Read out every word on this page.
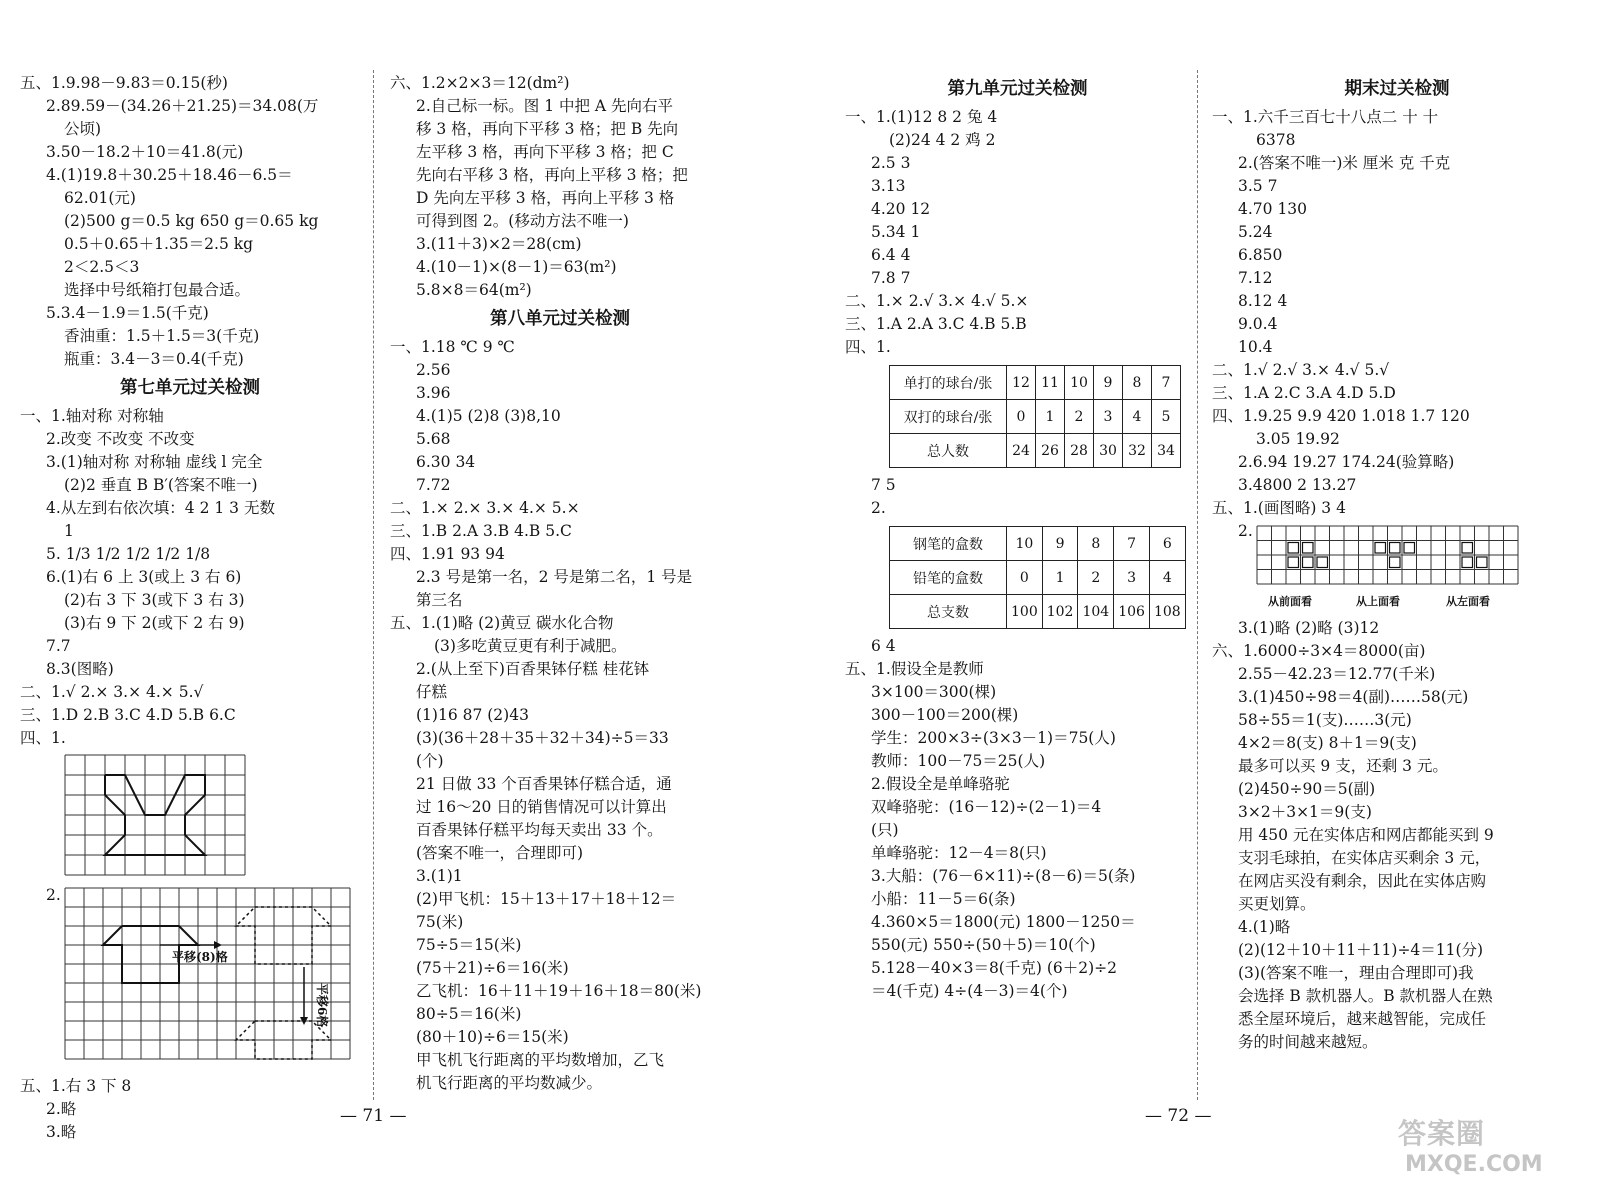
五、1.9.98－9.83＝0.15(秒)
2.89.59－(34.26＋21.25)＝34.08(万
公顷)
3.50－18.2＋10＝41.8(元)
4.(1)19.8＋30.25＋18.46－6.5＝
62.01(元)
(2)500 g＝0.5 kg 650 g＝0.65 kg
0.5＋0.65＋1.35＝2.5 kg
2＜2.5＜3
选择中号纸箱打包最合适。
5.3.4－1.9＝1.5(千克)
香油重：1.5＋1.5＝3(千克)
瓶重：3.4－3＝0.4(千克)
第七单元过关检测
一、1.轴对称 对称轴
2.改变 不改变 不改变
3.(1)轴对称 对称轴 虚线 l 完全
(2)2 垂直 B B′(答案不唯一)
4.从左到右依次填：4 2 1 3 无数
1
5. 1/3 1/2 1/2 1/2 1/8
6.(1)右 6 上 3(或上 3 右 6)
(2)右 3 下 3(或下 3 右 3)
(3)右 9 下 2(或下 2 右 9)
7.7
8.3(图略)
二、1.√ 2.× 3.× 4.× 5.√
三、1.D 2.B 3.C 4.D 5.B 6.C
四、1.
2.
平移(8)格
平移6格
五、1.右 3 下 8
2.略
3.略
六、1.2×2×3＝12(dm²)
2.自己标一标。图 1 中把 A 先向右平
移 3 格，再向下平移 3 格；把 B 先向
左平移 3 格，再向下平移 3 格；把 C
先向右平移 3 格，再向上平移 3 格；把
D 先向左平移 3 格，再向上平移 3 格
可得到图 2。(移动方法不唯一)
3.(11＋3)×2＝28(cm)
4.(10－1)×(8－1)＝63(m²)
5.8×8＝64(m²)
第八单元过关检测
一、1.18 ℃ 9 ℃
2.56
3.96
4.(1)5 (2)8 (3)8,10
5.68
6.30 34
7.72
二、1.× 2.× 3.× 4.× 5.×
三、1.B 2.A 3.B 4.B 5.C
四、1.91 93 94
2.3 号是第一名，2 号是第二名，1 号是
第三名
五、1.(1)略 (2)黄豆 碳水化合物
(3)多吃黄豆更有利于减肥。
2.(从上至下)百香果钵仔糕 桂花钵
仔糕
(1)16 87 (2)43
(3)(36＋28＋35＋32＋34)÷5＝33
(个)
21 日做 33 个百香果钵仔糕合适，通
过 16～20 日的销售情况可以计算出
百香果钵仔糕平均每天卖出 33 个。
(答案不唯一，合理即可)
3.(1)1
(2)甲飞机：15＋13＋17＋18＋12＝
75(米)
75÷5＝15(米)
(75＋21)÷6＝16(米)
乙飞机：16＋11＋19＋16＋18＝80(米)
80÷5＝16(米)
(80＋10)÷6＝15(米)
甲飞机飞行距离的平均数增加，乙飞
机飞行距离的平均数减少。
第九单元过关检测
一、1.(1)12 8 2 兔 4
(2)24 4 2 鸡 2
2.5 3
3.13
4.20 12
5.34 1
6.4 4
7.8 7
二、1.× 2.√ 3.× 4.√ 5.×
三、1.A 2.A 3.C 4.B 5.B
四、1.
单打的球台/张	12	11	10	9	8	7
双打的球台/张	0	1	2	3	4	5
总人数	24	26	28	30	32	34
7 5
2.
钢笔的盒数	10	9	8	7	6
铅笔的盒数	0	1	2	3	4
总支数	100	102	104	106	108
6 4
五、1.假设全是教师
3×100＝300(棵)
300－100＝200(棵)
学生：200×3÷(3×3－1)＝75(人)
教师：100－75＝25(人)
2.假设全是单峰骆驼
双峰骆驼：(16－12)÷(2－1)＝4
(只)
单峰骆驼：12－4＝8(只)
3.大船：(76－6×11)÷(8－6)＝5(条)
小船：11－5＝6(条)
4.360×5＝1800(元) 1800－1250＝
550(元) 550÷(50＋5)＝10(个)
5.128－40×3＝8(千克) (6＋2)÷2
＝4(千克) 4÷(4－3)＝4(个)
期末过关检测
一、1.六千三百七十八点二 十 十
6378
2.(答案不唯一)米 厘米 克 千克
3.5 7
4.70 130
5.24
6.850
7.12
8.12 4
9.0.4
10.4
二、1.√ 2.√ 3.× 4.√ 5.√
三、1.A 2.C 3.A 4.D 5.D
四、1.9.25 9.9 420 1.018 1.7 120
3.05 19.92
2.6.94 19.27 174.24(验算略)
3.4800 2 13.27
五、1.(画图略) 3 4
2.
从前面看	从上面看	从左面看
3.(1)略 (2)略 (3)12
六、1.6000÷3×4＝8000(亩)
2.55－42.23＝12.77(千米)
3.(1)450÷98＝4(副)……58(元)
58÷55＝1(支)……3(元)
4×2＝8(支) 8＋1＝9(支)
最多可以买 9 支，还剩 3 元。
(2)450÷90＝5(副)
3×2＋3×1＝9(支)
用 450 元在实体店和网店都能买到 9
支羽毛球拍，在实体店买剩余 3 元，
在网店买没有剩余，因此在实体店购
买更划算。
4.(1)略
(2)(12＋10＋11＋11)÷4＝11(分)
(3)(答案不唯一，理由合理即可)我
会选择 B 款机器人。B 款机器人在熟
悉全屋环境后，越来越智能，完成任
务的时间越来越短。
— 71 —	— 72 —
答案圈
MXQE.COM
